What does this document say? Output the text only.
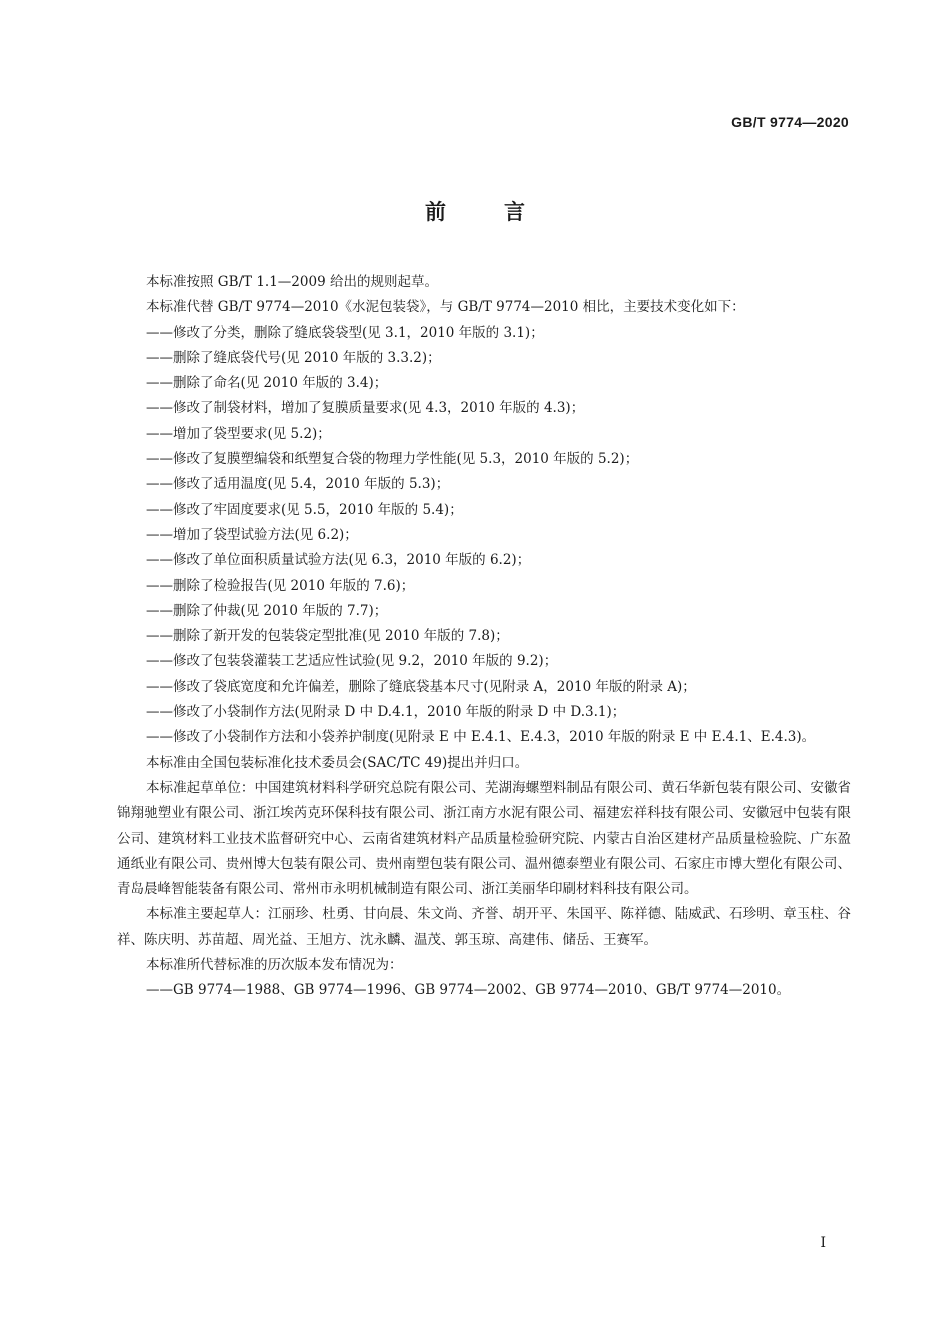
GB/T 9774—2020
前言

本标准按照 GB/T 1.1—2009 给出的规则起草。

本标准代替 GB/T 9774—2010《水泥包装袋》，与 GB/T 9774—2010 相比，主要技术变化如下：

——修改了分类，删除了缝底袋袋型(见 3.1，2010 年版的 3.1)；

——删除了缝底袋代号(见 2010 年版的 3.3.2)；

——删除了命名(见 2010 年版的 3.4)；

——修改了制袋材料，增加了复膜质量要求(见 4.3，2010 年版的 4.3)；

——增加了袋型要求(见 5.2)；

——修改了复膜塑编袋和纸塑复合袋的物理力学性能(见 5.3，2010 年版的 5.2)；

——修改了适用温度(见 5.4，2010 年版的 5.3)；

——修改了牢固度要求(见 5.5，2010 年版的 5.4)；

——增加了袋型试验方法(见 6.2)；

——修改了单位面积质量试验方法(见 6.3，2010 年版的 6.2)；

——删除了检验报告(见 2010 年版的 7.6)；

——删除了仲裁(见 2010 年版的 7.7)；

——删除了新开发的包装袋定型批准(见 2010 年版的 7.8)；

——修改了包装袋灌装工艺适应性试验(见 9.2，2010 年版的 9.2)；

——修改了袋底宽度和允许偏差，删除了缝底袋基本尺寸(见附录 A，2010 年版的附录 A)；

——修改了小袋制作方法(见附录 D 中 D.4.1，2010 年版的附录 D 中 D.3.1)；

——修改了小袋制作方法和小袋养护制度(见附录 E 中 E.4.1、E.4.3，2010 年版的附录 E 中 E.4.1、E.4.3)。

本标准由全国包装标准化技术委员会(SAC/TC 49)提出并归口。

本标准起草单位：中国建筑材料科学研究总院有限公司、芜湖海螺塑料制品有限公司、黄石华新包装有限公司、安徽省锦翔驰塑业有限公司、浙江埃芮克环保科技有限公司、浙江南方水泥有限公司、福建宏祥科技有限公司、安徽冠中包装有限公司、建筑材料工业技术监督研究中心、云南省建筑材料产品质量检验研究院、内蒙古自治区建材产品质量检验院、广东盈通纸业有限公司、贵州博大包装有限公司、贵州南塑包装有限公司、温州德泰塑业有限公司、石家庄市博大塑化有限公司、青岛晨峰智能装备有限公司、常州市永明机械制造有限公司、浙江美丽华印刷材料科技有限公司。

本标准主要起草人：江丽珍、杜勇、甘向晨、朱文尚、齐誉、胡开平、朱国平、陈祥德、陆威武、石珍明、章玉柱、谷祥、陈庆明、苏苗超、周光益、王旭方、沈永麟、温茂、郭玉琼、高建伟、储岳、王赛军。

本标准所代替标准的历次版本发布情况为：

——GB 9774—1988、GB 9774—1996、GB 9774—2002、GB 9774—2010、GB/T 9774—2010。

I
